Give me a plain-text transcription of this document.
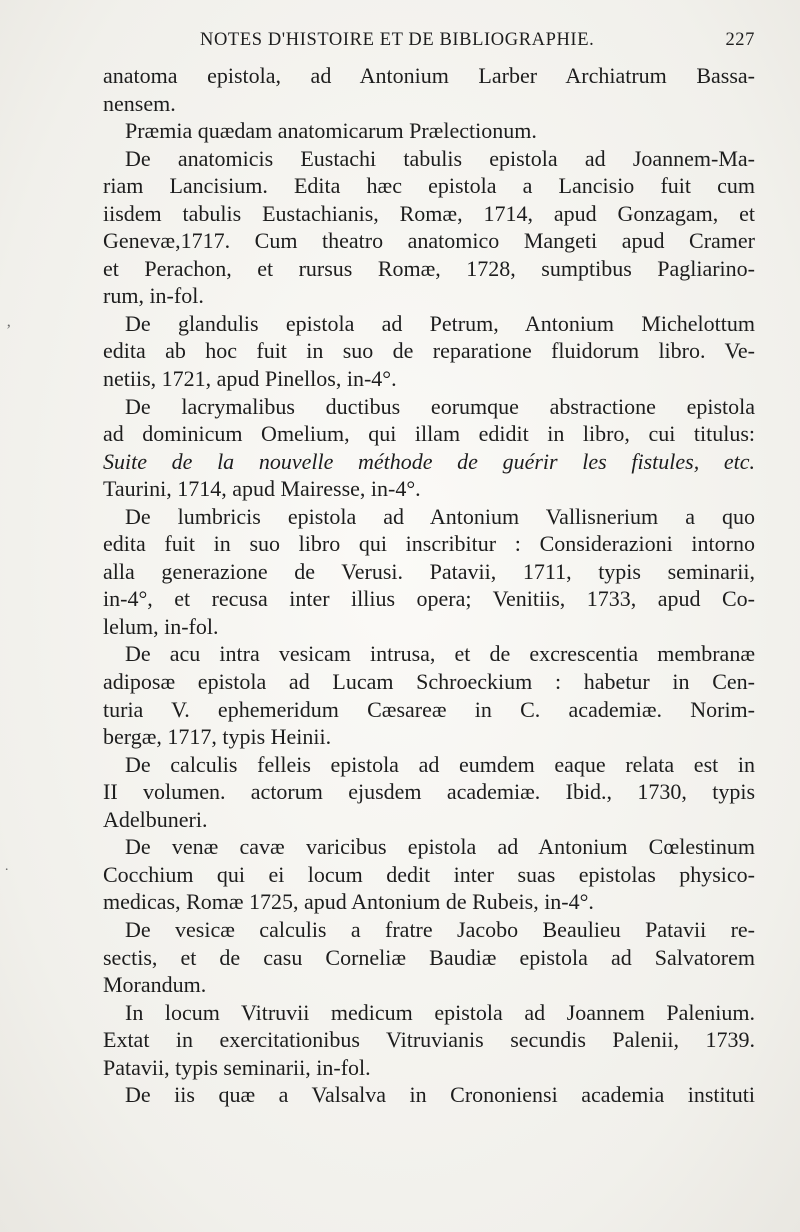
NOTES D'HISTOIRE ET DE BIBLIOGRAPHIE.	227
anatoma epistola, ad Antonium Larber Archiatrum Bassa-
nensem.
Præmia quædam anatomicarum Prælectionum.
De anatomicis Eustachi tabulis epistola ad Joannem-Ma-
riam Lancisium. Edita hæc epistola a Lancisio fuit cum
iisdem tabulis Eustachianis, Romæ, 1714, apud Gonzagam, et
Genevæ,1717. Cum theatro anatomico Mangeti apud Cramer
et Perachon, et rursus Romæ, 1728, sumptibus Pagliarino-
rum, in-fol.
De glandulis epistola ad Petrum, Antonium Michelottum
edita ab hoc fuit in suo de reparatione fluidorum libro. Ve-
netiis, 1721, apud Pinellos, in-4°.
De lacrymalibus ductibus eorumque abstractione epistola
ad dominicum Omelium, qui illam edidit in libro, cui titulus:
Suite de la nouvelle méthode de guérir les fistules, etc.
Taurini, 1714, apud Mairesse, in-4°.
De lumbricis epistola ad Antonium Vallisnerium a quo
edita fuit in suo libro qui inscribitur : Considerazioni intorno
alla generazione de Verusi. Patavii, 1711, typis seminarii,
in-4°, et recusa inter illius opera; Venitiis, 1733, apud Co-
lelum, in-fol.
De acu intra vesicam intrusa, et de excrescentia membranæ
adiposæ epistola ad Lucam Schroeckium : habetur in Cen-
turia V. ephemeridum Cæsareæ in C. academiæ. Norim-
bergæ, 1717, typis Heinii.
De calculis felleis epistola ad eumdem eaque relata est in
II volumen. actorum ejusdem academiæ. Ibid., 1730, typis
Adelbuneri.
De venæ cavæ varicibus epistola ad Antonium Cœlestinum
Cocchium qui ei locum dedit inter suas epistolas physico-
medicas, Romæ 1725, apud Antonium de Rubeis, in-4°.
De vesicæ calculis a fratre Jacobo Beaulieu Patavii re-
sectis, et de casu Corneliæ Baudiæ epistola ad Salvatorem
Morandum.
In locum Vitruvii medicum epistola ad Joannem Palenium.
Extat in exercitationibus Vitruvianis secundis Palenii, 1739.
Patavii, typis seminarii, in-fol.
De iis quæ a Valsalva in Crononiensi academia instituti
ʼ
˙
